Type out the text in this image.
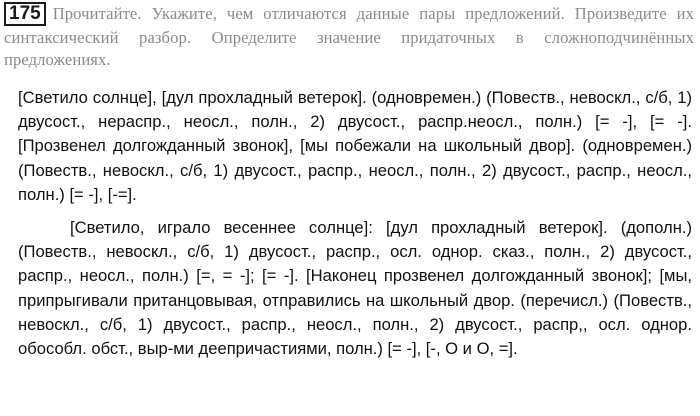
175 Прочитайте. Укажите, чем отличаются данные пары предложений. Произведите их синтаксический разбор. Определите значение придаточных в сложноподчинённых предложениях.

[Светило солнце], [дул прохладный ветерок]. (одновремен.) (Повеств., невоскл., с/б, 1) двусост., нераспр., неосл., полн., 2) двусост., распр.неосл., полн.) [= -], [= -]. [Прозвенел долгожданный звонок], [мы побежали на школьный двор]. (одновремен.) (Повеств., невоскл., с/б, 1) двусост., распр., неосл., полн., 2) двусост., распр., неосл., полн.) [= -], [-=].

[Светило, играло весеннее солнце]: [дул прохладный ветерок]. (дополн.) (Повеств., невоскл., с/б, 1) двусост., распр., осл. однор. сказ., полн., 2) двусост., распр., неосл., полн.) [=, = -]; [= -]. [Наконец прозвенел долгожданный звонок]; [мы, припрыгивали пританцовывая, отправились на школьный двор. (перечисл.) (Повеств., невоскл., с/б, 1) двусост., распр., неосл., полн., 2) двусост., распр,, осл. однор. обособл. обст., выр-ми деепричастиями, полн.) [= -], [-, O и O, =].
